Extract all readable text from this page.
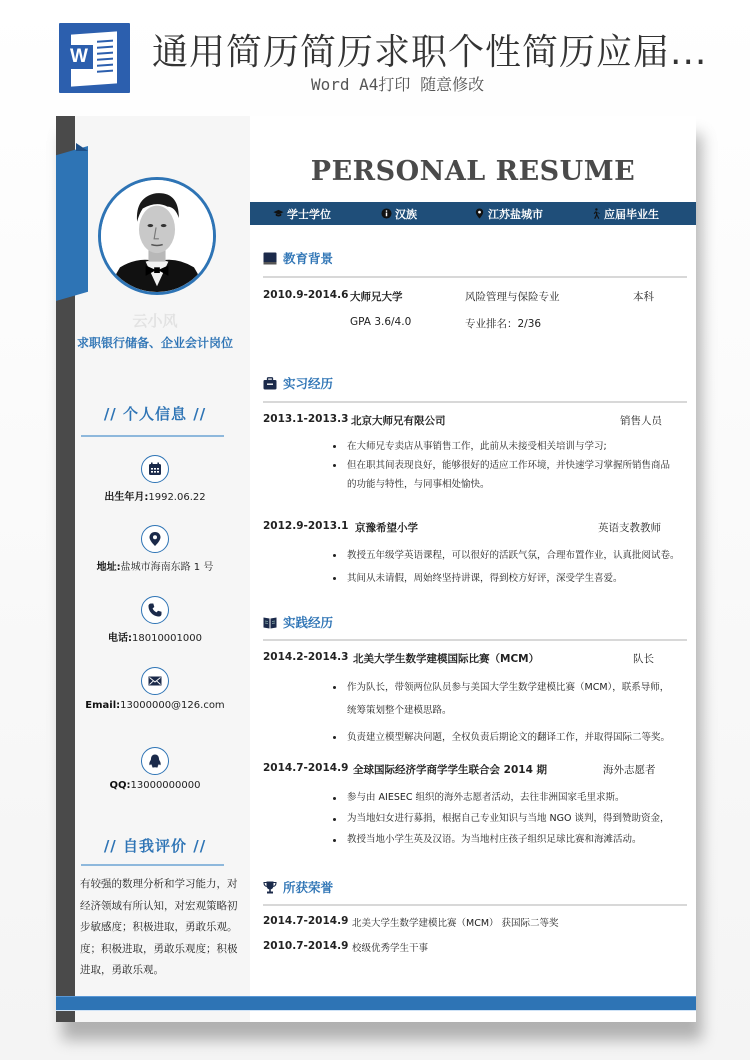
W 通用简历简历求职个性简历应届...
Word A4打印 随意修改
云小风
求职银行储备、企业会计岗位
// 个人信息 //
出生年月:1992.06.22
地址:盐城市海南东路 1 号
电话:18010001000
Email:13000000@126.com
QQ:13000000000
// 自我评价 //
有较强的数理分析和学习能力，对经济领域有所认知，对宏观策略初步敏感度；积极进取，勇敢乐观。度；积极进取，勇敢乐观度；积极进取，勇敢乐观。
PERSONAL RESUME
学士学位	汉族	江苏盐城市	应届毕业生
教育背景
2010.9-2014.6 大师兄大学	风险管理与保险专业	本科
GPA 3.6/4.0	专业排名：2/36
实习经历
2013.1-2013.3 北京大师兄有限公司	销售人员
在大师兄专卖店从事销售工作，此前从未接受相关培训与学习;
但在职其间表现良好，能够很好的适应工作环境，并快速学习掌握所销售商品
的功能与特性，与同事相处愉快。
2012.9-2013.1 京豫希望小学	英语支教教师
教授五年级学英语课程，可以很好的活跃气氛，合理布置作业，认真批阅试卷。
其间从未请假，周始终坚持讲课，得到校方好评，深受学生喜爱。
实践经历
2014.2-2014.3 北美大学生数学建模国际比赛（MCM）	队长
作为队长，带领两位队员参与美国大学生数学建模比赛（MCM），联系导师，
统筹策划整个建模思路。
负责建立模型解决问题，全权负责后期论文的翻译工作，并取得国际二等奖。
2014.7-2014.9 全球国际经济学商学学生联合会 2014 期	海外志愿者
参与由 AIESEC 组织的海外志愿者活动，去往非洲国家毛里求斯。
为当地妇女进行募捐，根据自己专业知识与当地 NGO 谈判，得到赞助资金，
教授当地小学生英及汉语。为当地村庄孩子组织足球比赛和海滩活动。
所获荣誉
2014.7-2014.9 北美大学生数学建模比赛（MCM） 获国际二等奖
2010.7-2014.9 校级优秀学生干事
